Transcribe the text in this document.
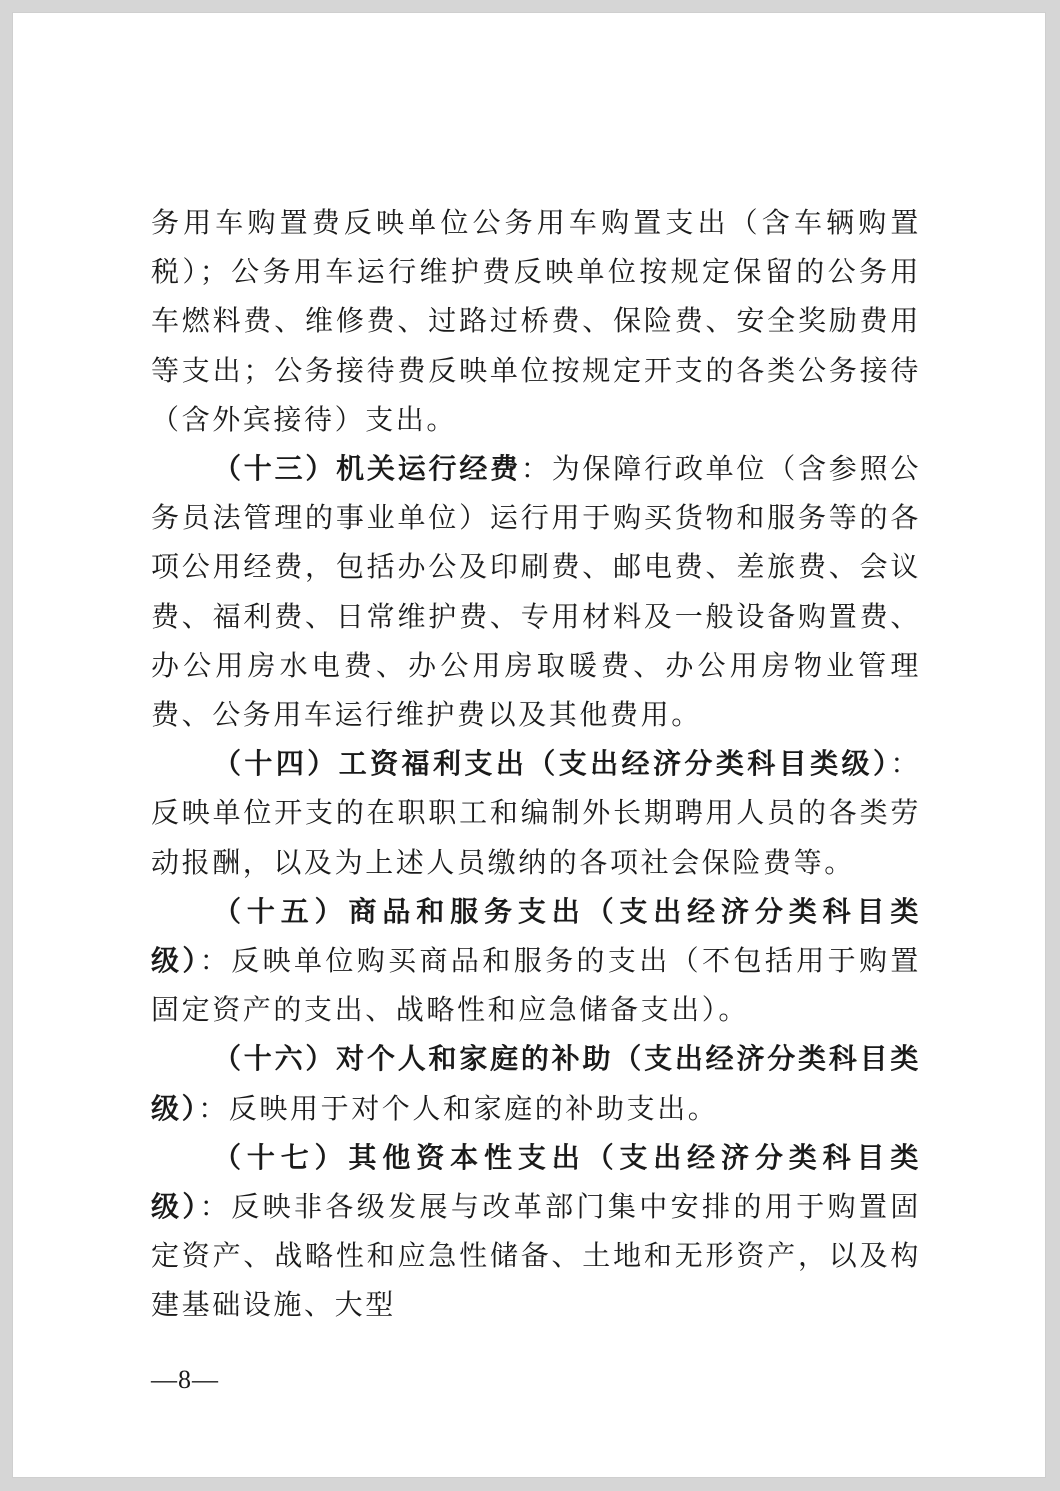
务用车购置费反映单位公务用车购置支出（含车辆购置税）；公务用车运行维护费反映单位按规定保留的公务用车燃料费、维修费、过路过桥费、保险费、安全奖励费用等支出；公务接待费反映单位按规定开支的各类公务接待（含外宾接待）支出。

（十三）机关运行经费：为保障行政单位（含参照公务员法管理的事业单位）运行用于购买货物和服务等的各项公用经费，包括办公及印刷费、邮电费、差旅费、会议费、福利费、日常维护费、专用材料及一般设备购置费、办公用房水电费、办公用房取暖费、办公用房物业管理费、公务用车运行维护费以及其他费用。

（十四）工资福利支出（支出经济分类科目类级）：反映单位开支的在职职工和编制外长期聘用人员的各类劳动报酬，以及为上述人员缴纳的各项社会保险费等。

（十五）商品和服务支出（支出经济分类科目类级）：反映单位购买商品和服务的支出（不包括用于购置固定资产的支出、战略性和应急储备支出）。

（十六）对个人和家庭的补助（支出经济分类科目类级）：反映用于对个人和家庭的补助支出。

（十七）其他资本性支出（支出经济分类科目类级）：反映非各级发展与改革部门集中安排的用于购置固定资产、战略性和应急性储备、土地和无形资产，以及构建基础设施、大型

—8—
